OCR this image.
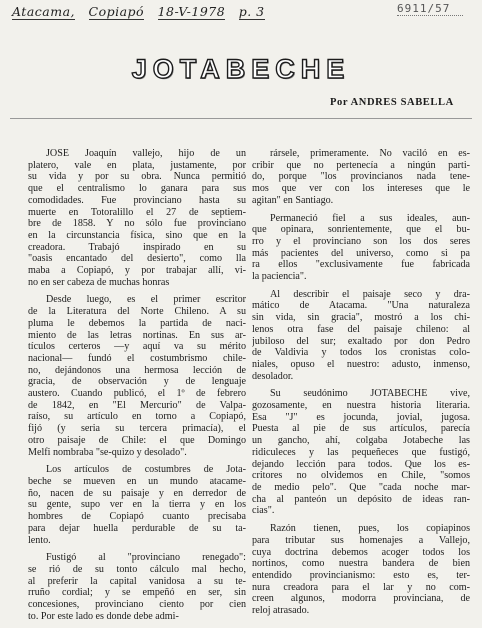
Atacama, Copiapó 18-V-1978 p. 3	6911/57
JOTABECHE
Por ANDRES SABELLA

JOSE Joaquín vallejo, hijo de un
platero, vale en plata, justamente, por
su vida y por su obra. Nunca permitió
que el centralismo lo ganara para sus
comodidades. Fue provinciano hasta su
muerte en Totoralillo el 27 de septiem-
bre de 1858. Y no sólo fue provinciano
en la circunstancia física, sino que en la
creadora. Trabajó inspirado en su
"oasis encantado del desierto", como lla
maba a Copiapó, y por trabajar allí, vi-
no en ser cabeza de muchas honras

Desde luego, es el primer escritor
de la Literatura del Norte Chileno. A su
pluma le debemos la partida de naci-
miento de las letras nortinas. En sus ar-
tículos certeros —y aquí va su mérito
nacional— fundó el costumbrismo chile-
no, dejándonos una hermosa lección de
gracia, de observación y de lenguaje
austero. Cuando publicó, el 1º de febrero
de 1842, en "El Mercurio" de Valpa-
raíso, su artículo en torno a Copiapó,
fijó (y seria su tercera primacía), el
otro paisaje de Chile: el que Domingo
Melfi nombraba "se-quizo y desolado".

Los artículos de costumbres de Jota-
beche se mueven en un mundo atacame-
ño, nacen de su paisaje y en derredor de
su gente, supo ver en la tierra y en los
hombres de Copiapó cuanto precisaba
para dejar huella perdurable de su ta-
lento.

Fustigó al "provinciano renegado":
se rió de su tonto cálculo mal hecho,
al preferir la capital vanidosa a su te-
rruño cordial; y se empeñó en ser, sin
concesiones, provinciano ciento por cien
to. Por este lado es donde debe admi-

rársele, primeramente. No vaciló en es-
cribir que no pertenecía a ningún parti-
do, porque "los provincianos nada tene-
mos que ver con los intereses que le
agitan" en Santiago.

Permaneció fiel a sus ideales, aun-
que opinara, sonrientemente, que el bu-
rro y el provinciano son los dos seres
más pacientes del universo, como si pa
ra ellos "exclusivamente fue fabricada
la paciencia".

Al describir el paisaje seco y dra-
mático de Atacama. "Una naturaleza
sin vida, sin gracia", mostró a los chi-
lenos otra fase del paisaje chileno: al
jubiloso del sur; exaltado por don Pedro
de Valdivia y todos los cronistas colo-
niales, opuso el nuestro: adusto, inmenso,
desolador.

Su seudónimo JOTABECHE vive,
gozosamente, en nuestra historia literaria.
Esa "J" es jocunda, jovial, jugosa.
Puesta al pie de sus artículos, parecía
un gancho, ahí, colgaba Jotabeche las
ridiculeces y las pequeñeces que fustigó,
dejando lección para todos. Que los es-
critores no olvidemos en Chile, "somos
de medio pelo". Que "cada noche mar-
cha al panteón un depósito de ideas ran-
cias".

Razón tienen, pues, los copiapinos
para tributar sus homenajes a Vallejo,
cuya doctrina debemos acoger todos los
nortinos, como nuestra bandera de bien
entendido provincianismo: esto es, ter-
nura creadora para el lar y no com-
creen algunos, modorra provinciana, de
reloj atrasado.
